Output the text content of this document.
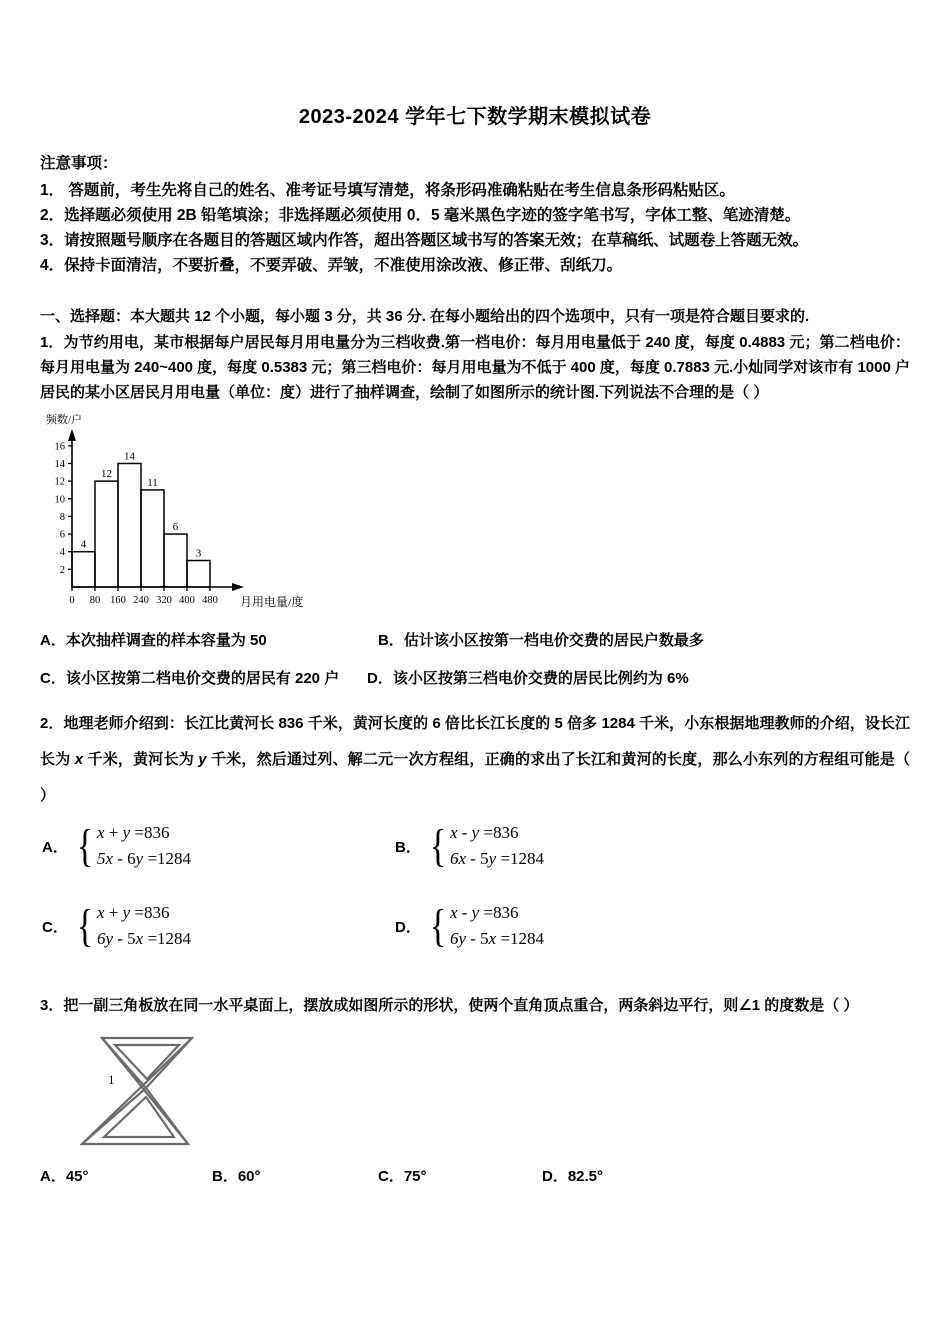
2023-2024 学年七下数学期末模拟试卷
注意事项：
1． 答题前，考生先将自己的姓名、准考证号填写清楚，将条形码准确粘贴在考生信息条形码粘贴区。
2．选择题必须使用 2B 铅笔填涂；非选择题必须使用 0．5 毫米黑色字迹的签字笔书写，字体工整、笔迹清楚。
3．请按照题号顺序在各题目的答题区域内作答，超出答题区域书写的答案无效；在草稿纸、试题卷上答题无效。
4．保持卡面清洁，不要折叠，不要弄破、弄皱，不准使用涂改液、修正带、刮纸刀。
一、选择题：本大题共 12 个小题，每小题 3 分，共 36 分. 在每小题给出的四个选项中，只有一项是符合题目要求的.
1．为节约用电，某市根据每户居民每月用电量分为三档收费.第一档电价：每月用电量低于 240 度，每度 0.4883 元；第二档电价：每月用电量为 240~400 度，每度 0.5383 元；第三档电价：每月用电量为不低于 400 度，每度 0.7883 元.小灿同学对该市有 1000 户居民的某小区居民月用电量（单位：度）进行了抽样调查，绘制了如图所示的统计图.下列说法不合理的是（ ）
频数/户
月用电量/度
2
4
6
8
10
12
14
16
0 80 160 240 320 400 480
4
12
14
11
6
3
A．本次抽样调查的样本容量为 50	B．估计该小区按第一档电价交费的居民户数最多
C．该小区按第二档电价交费的居民有 220 户 D．该小区按第三档电价交费的居民比例约为 6%
2．地理老师介绍到：长江比黄河长 836 千米，黄河长度的 6 倍比长江长度的 5 倍多 1284 千米，小东根据地理教师的介绍，设长江长为 x 千米，黄河长为 y 千米，然后通过列、解二元一次方程组，正确的求出了长江和黄河的长度，那么小东列的方程组可能是（ ）
A． { x + y =836
5x - 6y =1284
B． { x - y =836
6x - 5y =1284
C． { x + y =836
6y - 5x =1284
D． { x - y =836
6y - 5x =1284
3．把一副三角板放在同一水平桌面上，摆放成如图所示的形状，使两个直角顶点重合，两条斜边平行，则∠1 的度数是（ ）
1
A．45°	B．60°	C．75°	D．82.5°
